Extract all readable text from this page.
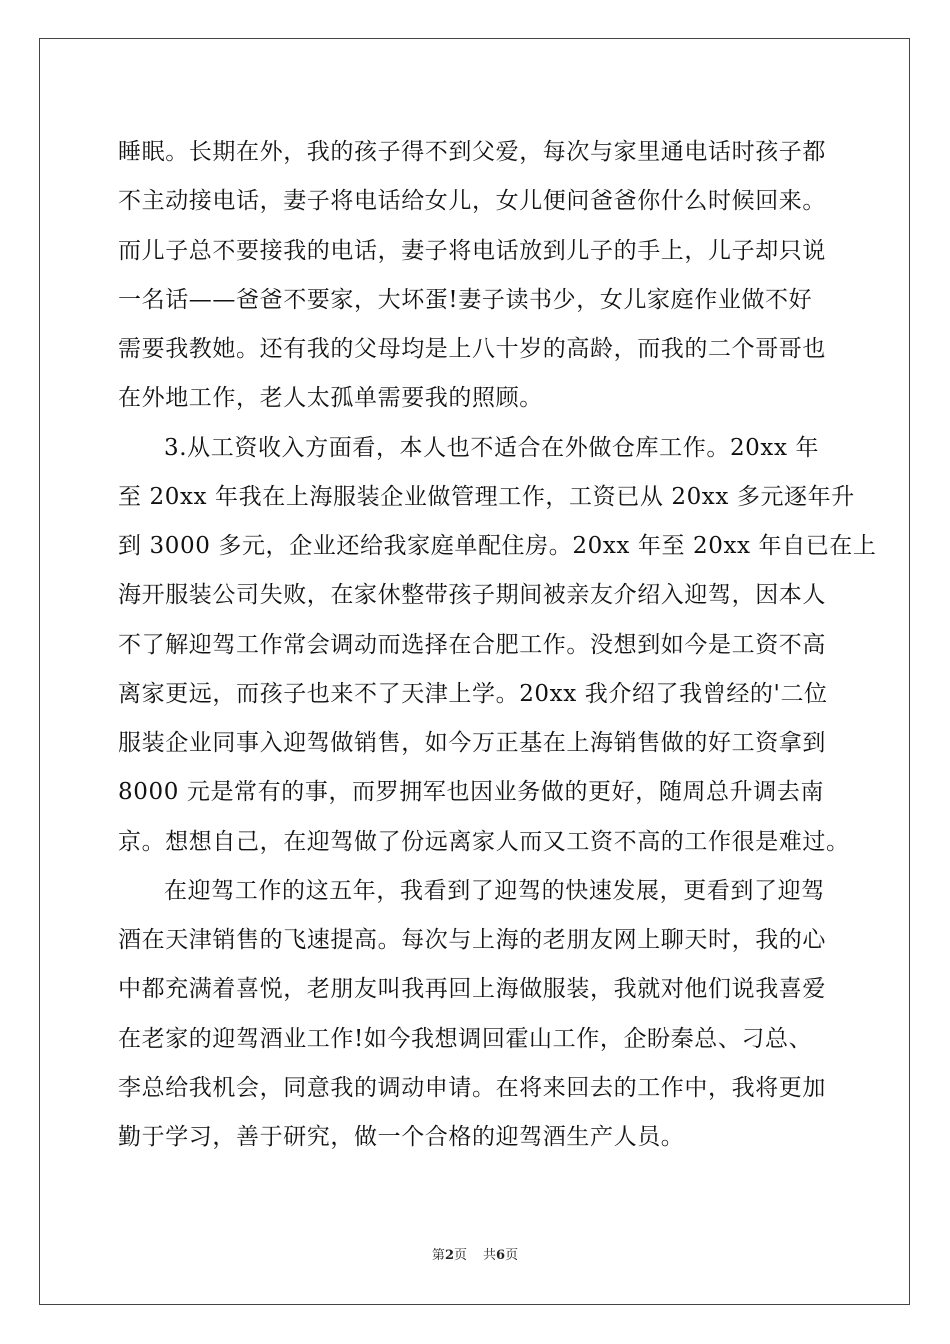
睡眠。长期在外，我的孩子得不到父爱，每次与家里通电话时孩子都
不主动接电话，妻子将电话给女儿，女儿便问爸爸你什么时候回来。
而儿子总不要接我的电话，妻子将电话放到儿子的手上，儿子却只说
一名话——爸爸不要家，大坏蛋!妻子读书少，女儿家庭作业做不好
需要我教她。还有我的父母均是上八十岁的高龄，而我的二个哥哥也
在外地工作，老人太孤单需要我的照顾。
3.从工资收入方面看，本人也不适合在外做仓库工作。20xx 年
至 20xx 年我在上海服装企业做管理工作，工资已从 20xx 多元逐年升
到 3000 多元，企业还给我家庭单配住房。20xx 年至 20xx 年自已在上
海开服装公司失败，在家休整带孩子期间被亲友介绍入迎驾，因本人
不了解迎驾工作常会调动而选择在合肥工作。没想到如今是工资不高
离家更远，而孩子也来不了天津上学。20xx 我介绍了我曾经的'二位
服装企业同事入迎驾做销售，如今万正基在上海销售做的好工资拿到
8000 元是常有的事，而罗拥军也因业务做的更好，随周总升调去南
京。想想自己，在迎驾做了份远离家人而又工资不高的工作很是难过。
在迎驾工作的这五年，我看到了迎驾的快速发展，更看到了迎驾
酒在天津销售的飞速提高。每次与上海的老朋友网上聊天时，我的心
中都充满着喜悦，老朋友叫我再回上海做服装，我就对他们说我喜爱
在老家的迎驾酒业工作!如今我想调回霍山工作，企盼秦总、刁总、
李总给我机会，同意我的调动申请。在将来回去的工作中，我将更加
勤于学习，善于研究，做一个合格的迎驾酒生产人员。
第2页 共6页
